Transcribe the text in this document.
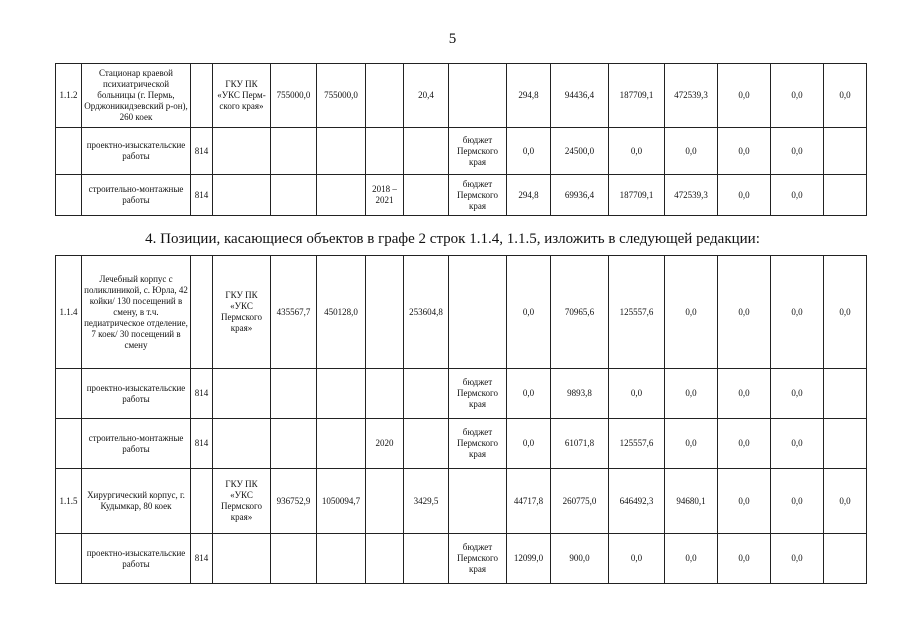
5
1.1.2	Стационар краевой психиатрической больницы (г. Пермь, Орджоникидзевский р-он), 260 коек		ГКУ ПК «УКС Перм-ского края»	755000,0	755000,0		20,4		294,8	94436,4	187709,1	472539,3	0,0	0,0	0,0
	проектно-изыскательские работы	814						бюджет Пермского края	0,0	24500,0	0,0	0,0	0,0	0,0	
	строительно-монтажные работы	814				2018 – 2021		бюджет Пермского края	294,8	69936,4	187709,1	472539,3	0,0	0,0	
4. Позиции, касающиеся объектов в графе 2 строк 1.1.4, 1.1.5, изложить в следующей редакции:
1.1.4	Лечебный корпус с поликлиникой, с. Юрла, 42 койки/ 130 посещений в смену, в т.ч. педиатрическое отделение, 7 коек/ 30 посещений в смену		ГКУ ПК «УКС Пермского края»	435567,7	450128,0		253604,8		0,0	70965,6	125557,6	0,0	0,0	0,0	0,0
	проектно-изыскательские работы	814						бюджет Пермского края	0,0	9893,8	0,0	0,0	0,0	0,0	
	строительно-монтажные работы	814				2020		бюджет Пермского края	0,0	61071,8	125557,6	0,0	0,0	0,0	
1.1.5	Хирургический корпус, г. Кудымкар, 80 коек		ГКУ ПК «УКС Пермского края»	936752,9	1050094,7		3429,5		44717,8	260775,0	646492,3	94680,1	0,0	0,0	0,0
	проектно-изыскательские работы	814						бюджет Пермского края	12099,0	900,0	0,0	0,0	0,0	0,0	
